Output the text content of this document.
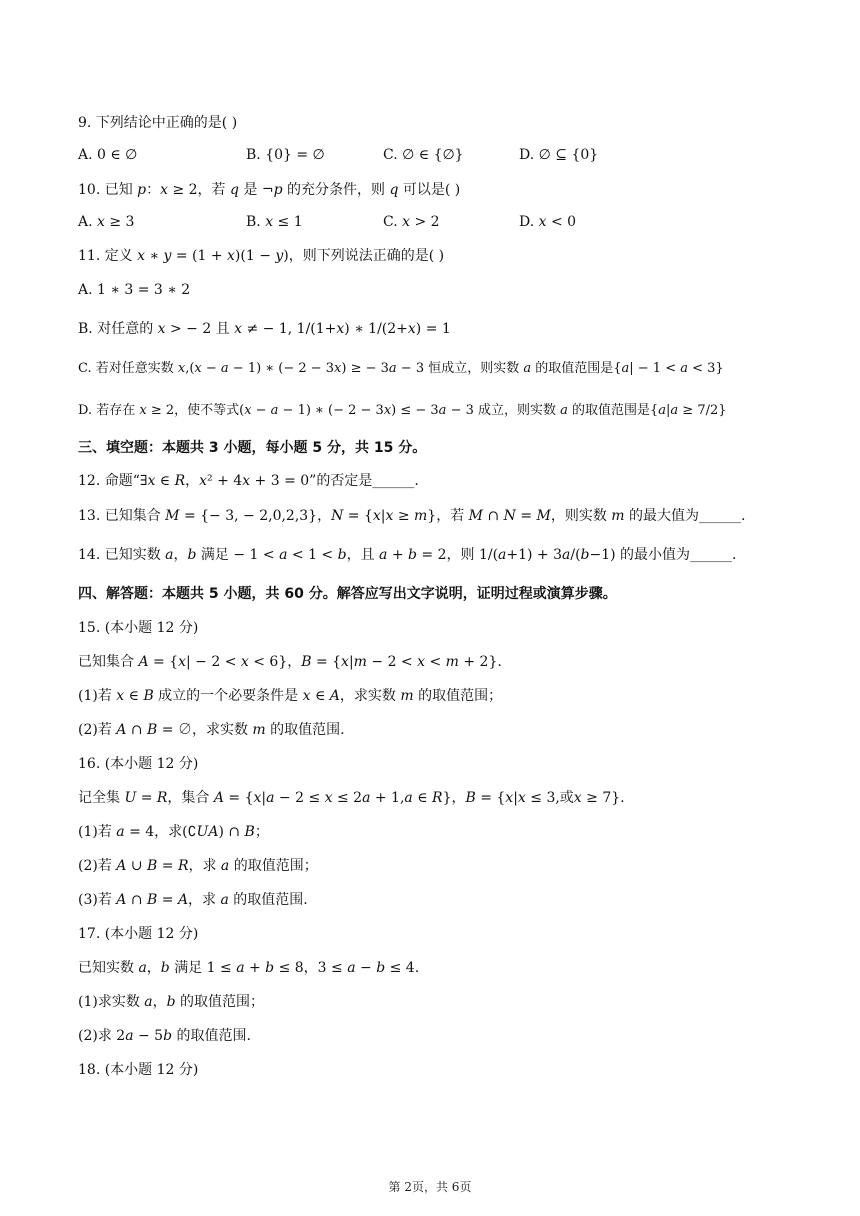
9. 下列结论中正确的是( )
A. 0 ∈ ∅	B. {0} = ∅	C. ∅ ∈ {∅}	D. ∅ ⊆ {0}
10. 已知 𝑝：𝑥 ≥ 2，若 𝑞 是 ¬𝑝 的充分条件，则 𝑞 可以是( )
A. 𝑥 ≥ 3	B. 𝑥 ≤ 1	C. 𝑥 > 2	D. 𝑥 < 0
11. 定义 𝑥 ∗ 𝑦 = (1 + 𝑥)(1 − 𝑦)，则下列说法正确的是( )
A. 1 ∗ 3 = 3 ∗ 2
B. 对任意的 𝑥 > − 2 且 𝑥 ≠ − 1, 1/(1+𝑥) ∗ 1/(2+𝑥) = 1
C. 若对任意实数 𝑥,(𝑥 − 𝑎 − 1) ∗ (− 2 − 3𝑥) ≥ − 3𝑎 − 3 恒成立，则实数 𝑎 的取值范围是{𝑎| − 1 < 𝑎 < 3}
D. 若存在 𝑥 ≥ 2，使不等式(𝑥 − 𝑎 − 1) ∗ (− 2 − 3𝑥) ≤ − 3𝑎 − 3 成立，则实数 𝑎 的取值范围是{𝑎|𝑎 ≥ 7/2}
三、填空题：本题共 3 小题，每小题 5 分，共 15 分。
12. 命题“∃𝑥 ∈ 𝑅，𝑥² + 4𝑥 + 3 = 0”的否定是______.
13. 已知集合 𝑀 = {− 3, − 2,0,2,3}，𝑁 = {𝑥|𝑥 ≥ 𝑚}，若 𝑀 ∩ 𝑁 = 𝑀，则实数 𝑚 的最大值为______.
14. 已知实数 𝑎，𝑏 满足 − 1 < 𝑎 < 1 < 𝑏，且 𝑎 + 𝑏 = 2，则 1/(𝑎+1) + 3𝑎/(𝑏−1) 的最小值为______.
四、解答题：本题共 5 小题，共 60 分。解答应写出文字说明，证明过程或演算步骤。
15. (本小题 12 分)
已知集合 𝐴 = {𝑥| − 2 < 𝑥 < 6}，𝐵 = {𝑥|𝑚 − 2 < 𝑥 < 𝑚 + 2}.
(1)若 𝑥 ∈ 𝐵 成立的一个必要条件是 𝑥 ∈ 𝐴，求实数 𝑚 的取值范围；
(2)若 𝐴 ∩ 𝐵 = ∅，求实数 𝑚 的取值范围.
16. (本小题 12 分)
记全集 𝑈 = 𝑅，集合 𝐴 = {𝑥|𝑎 − 2 ≤ 𝑥 ≤ 2𝑎 + 1,𝑎 ∈ 𝑅}，𝐵 = {𝑥|𝑥 ≤ 3,或𝑥 ≥ 7}.
(1)若 𝑎 = 4，求(∁𝑈𝐴) ∩ 𝐵；
(2)若 𝐴 ∪ 𝐵 = 𝑅，求 𝑎 的取值范围；
(3)若 𝐴 ∩ 𝐵 = 𝐴，求 𝑎 的取值范围.
17. (本小题 12 分)
已知实数 𝑎，𝑏 满足 1 ≤ 𝑎 + 𝑏 ≤ 8，3 ≤ 𝑎 − 𝑏 ≤ 4.
(1)求实数 𝑎，𝑏 的取值范围；
(2)求 2𝑎 − 5𝑏 的取值范围.
18. (本小题 12 分)
第 2页，共 6页
